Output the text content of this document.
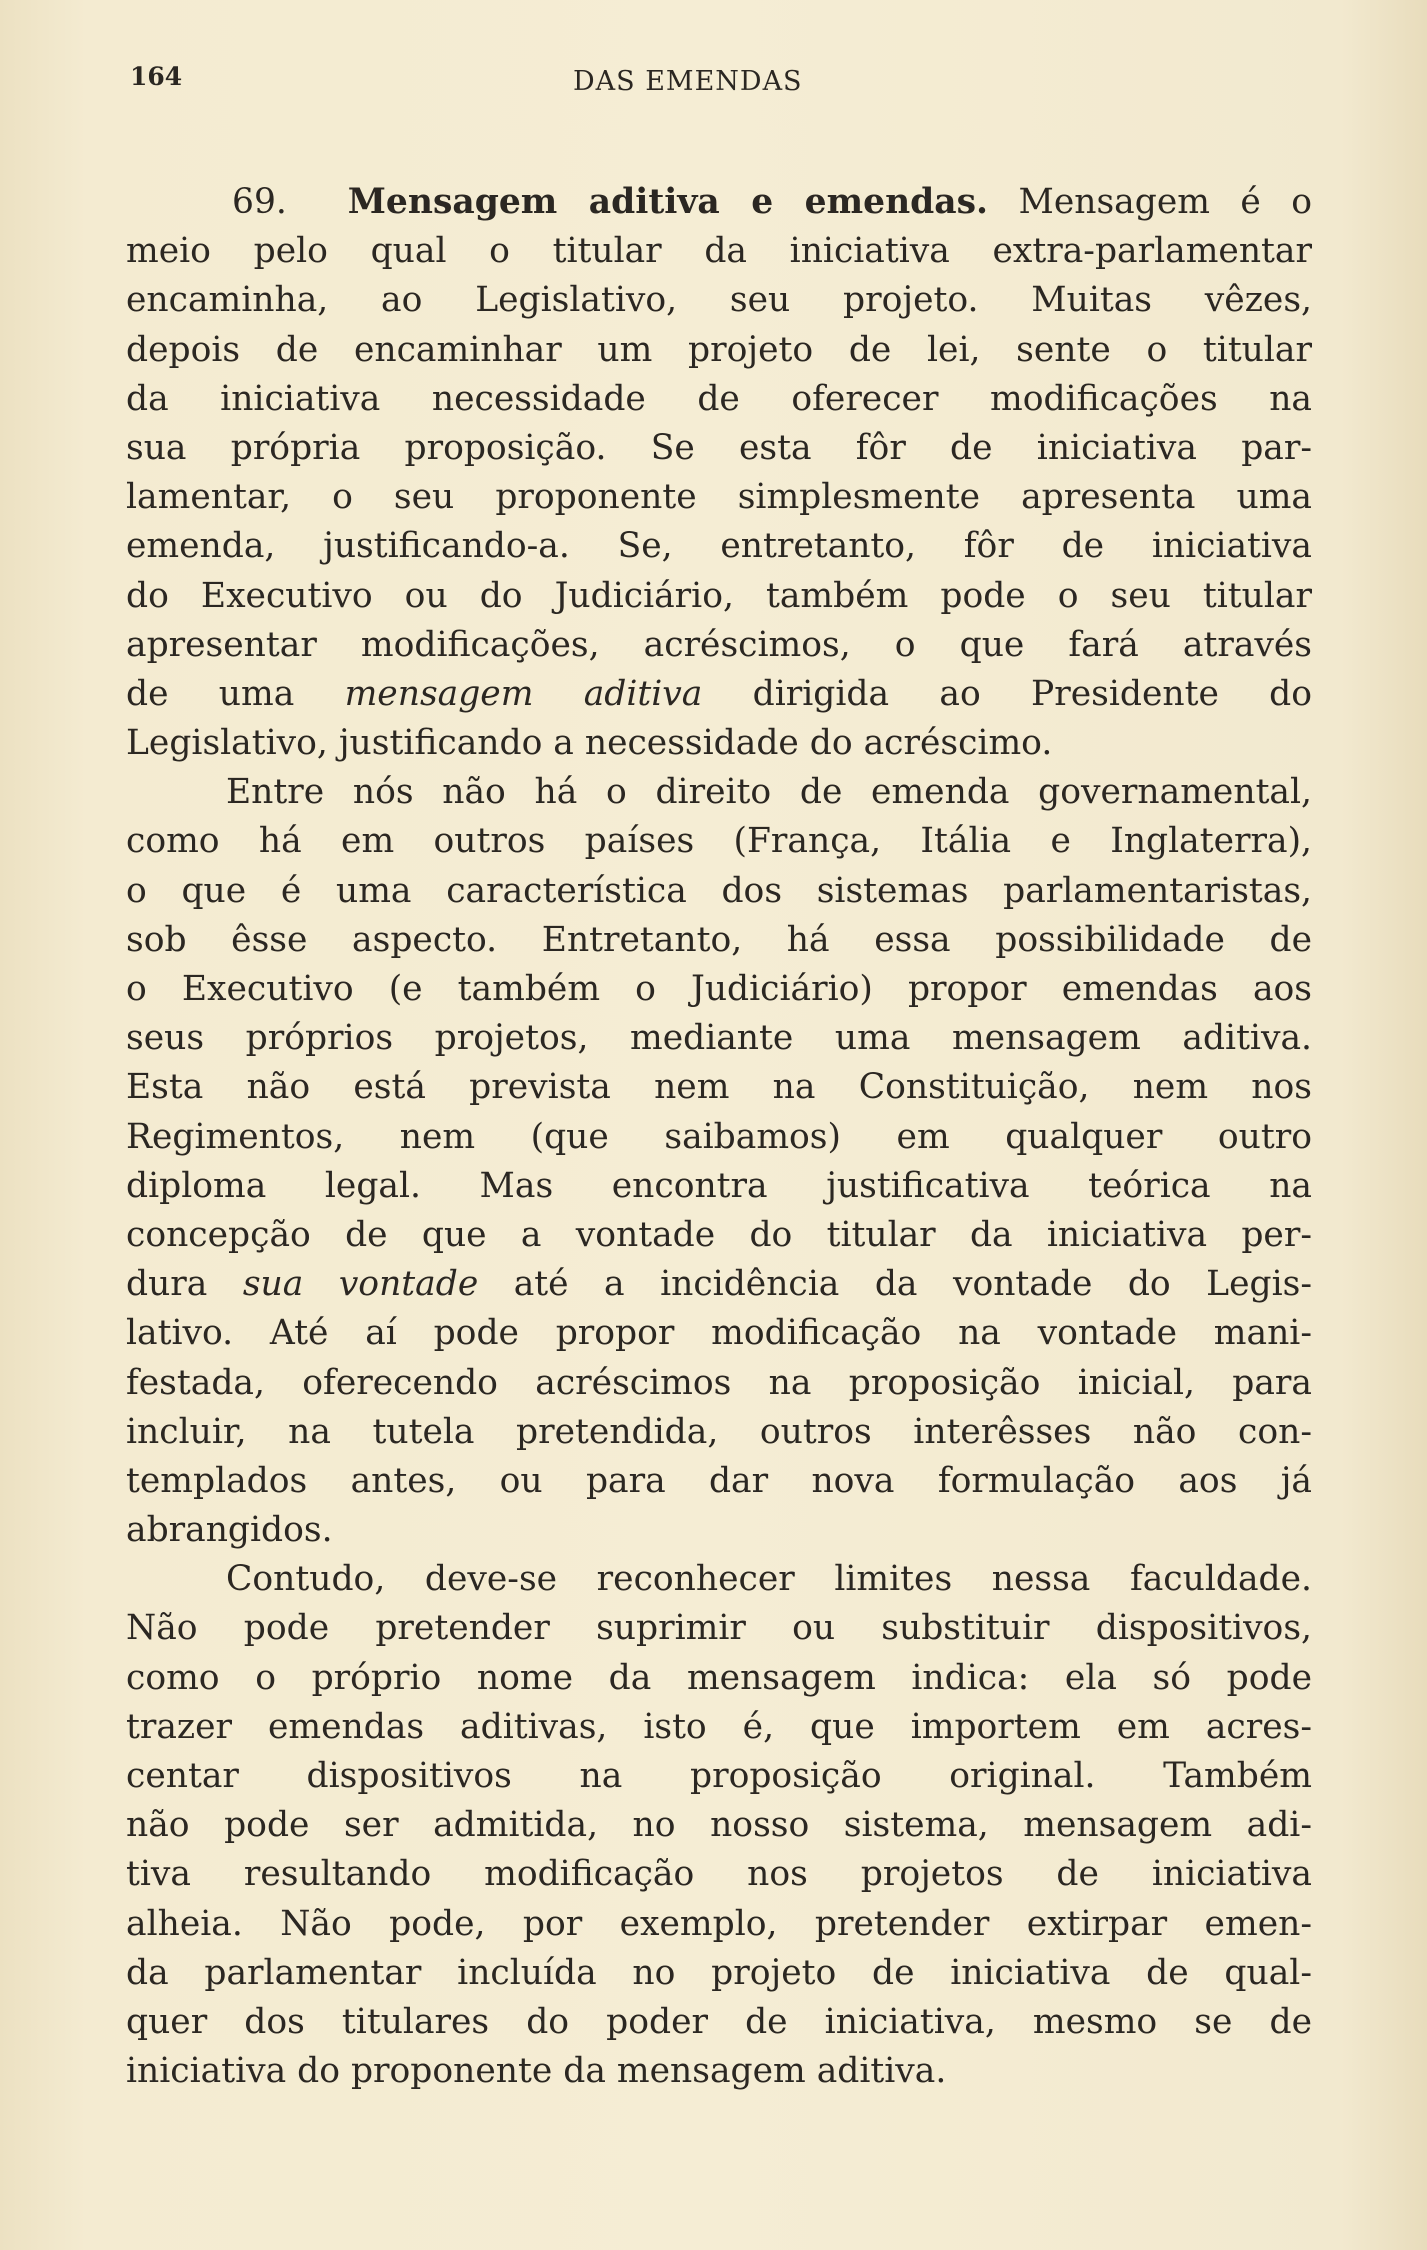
164	DAS EMENDAS
69. Mensagem aditiva e emendas. Mensagem é o
meio pelo qual o titular da iniciativa extra-parlamentar
encaminha, ao Legislativo, seu projeto. Muitas vêzes,
depois de encaminhar um projeto de lei, sente o titular
da iniciativa necessidade de oferecer modificações na
sua própria proposição. Se esta fôr de iniciativa par-
lamentar, o seu proponente simplesmente apresenta uma
emenda, justificando-a. Se, entretanto, fôr de iniciativa
do Executivo ou do Judiciário, também pode o seu titular
apresentar modificações, acréscimos, o que fará através
de uma mensagem aditiva dirigida ao Presidente do
Legislativo, justificando a necessidade do acréscimo.
Entre nós não há o direito de emenda governamental,
como há em outros países (França, Itália e Inglaterra),
o que é uma característica dos sistemas parlamentaristas,
sob êsse aspecto. Entretanto, há essa possibilidade de
o Executivo (e também o Judiciário) propor emendas aos
seus próprios projetos, mediante uma mensagem aditiva.
Esta não está prevista nem na Constituição, nem nos
Regimentos, nem (que saibamos) em qualquer outro
diploma legal. Mas encontra justificativa teórica na
concepção de que a vontade do titular da iniciativa per-
dura sua vontade até a incidência da vontade do Legis-
lativo. Até aí pode propor modificação na vontade mani-
festada, oferecendo acréscimos na proposição inicial, para
incluir, na tutela pretendida, outros interêsses não con-
templados antes, ou para dar nova formulação aos já
abrangidos.
Contudo, deve-se reconhecer limites nessa faculdade.
Não pode pretender suprimir ou substituir dispositivos,
como o próprio nome da mensagem indica: ela só pode
trazer emendas aditivas, isto é, que importem em acres-
centar dispositivos na proposição original. Também
não pode ser admitida, no nosso sistema, mensagem adi-
tiva resultando modificação nos projetos de iniciativa
alheia. Não pode, por exemplo, pretender extirpar emen-
da parlamentar incluída no projeto de iniciativa de qual-
quer dos titulares do poder de iniciativa, mesmo se de
iniciativa do proponente da mensagem aditiva.
